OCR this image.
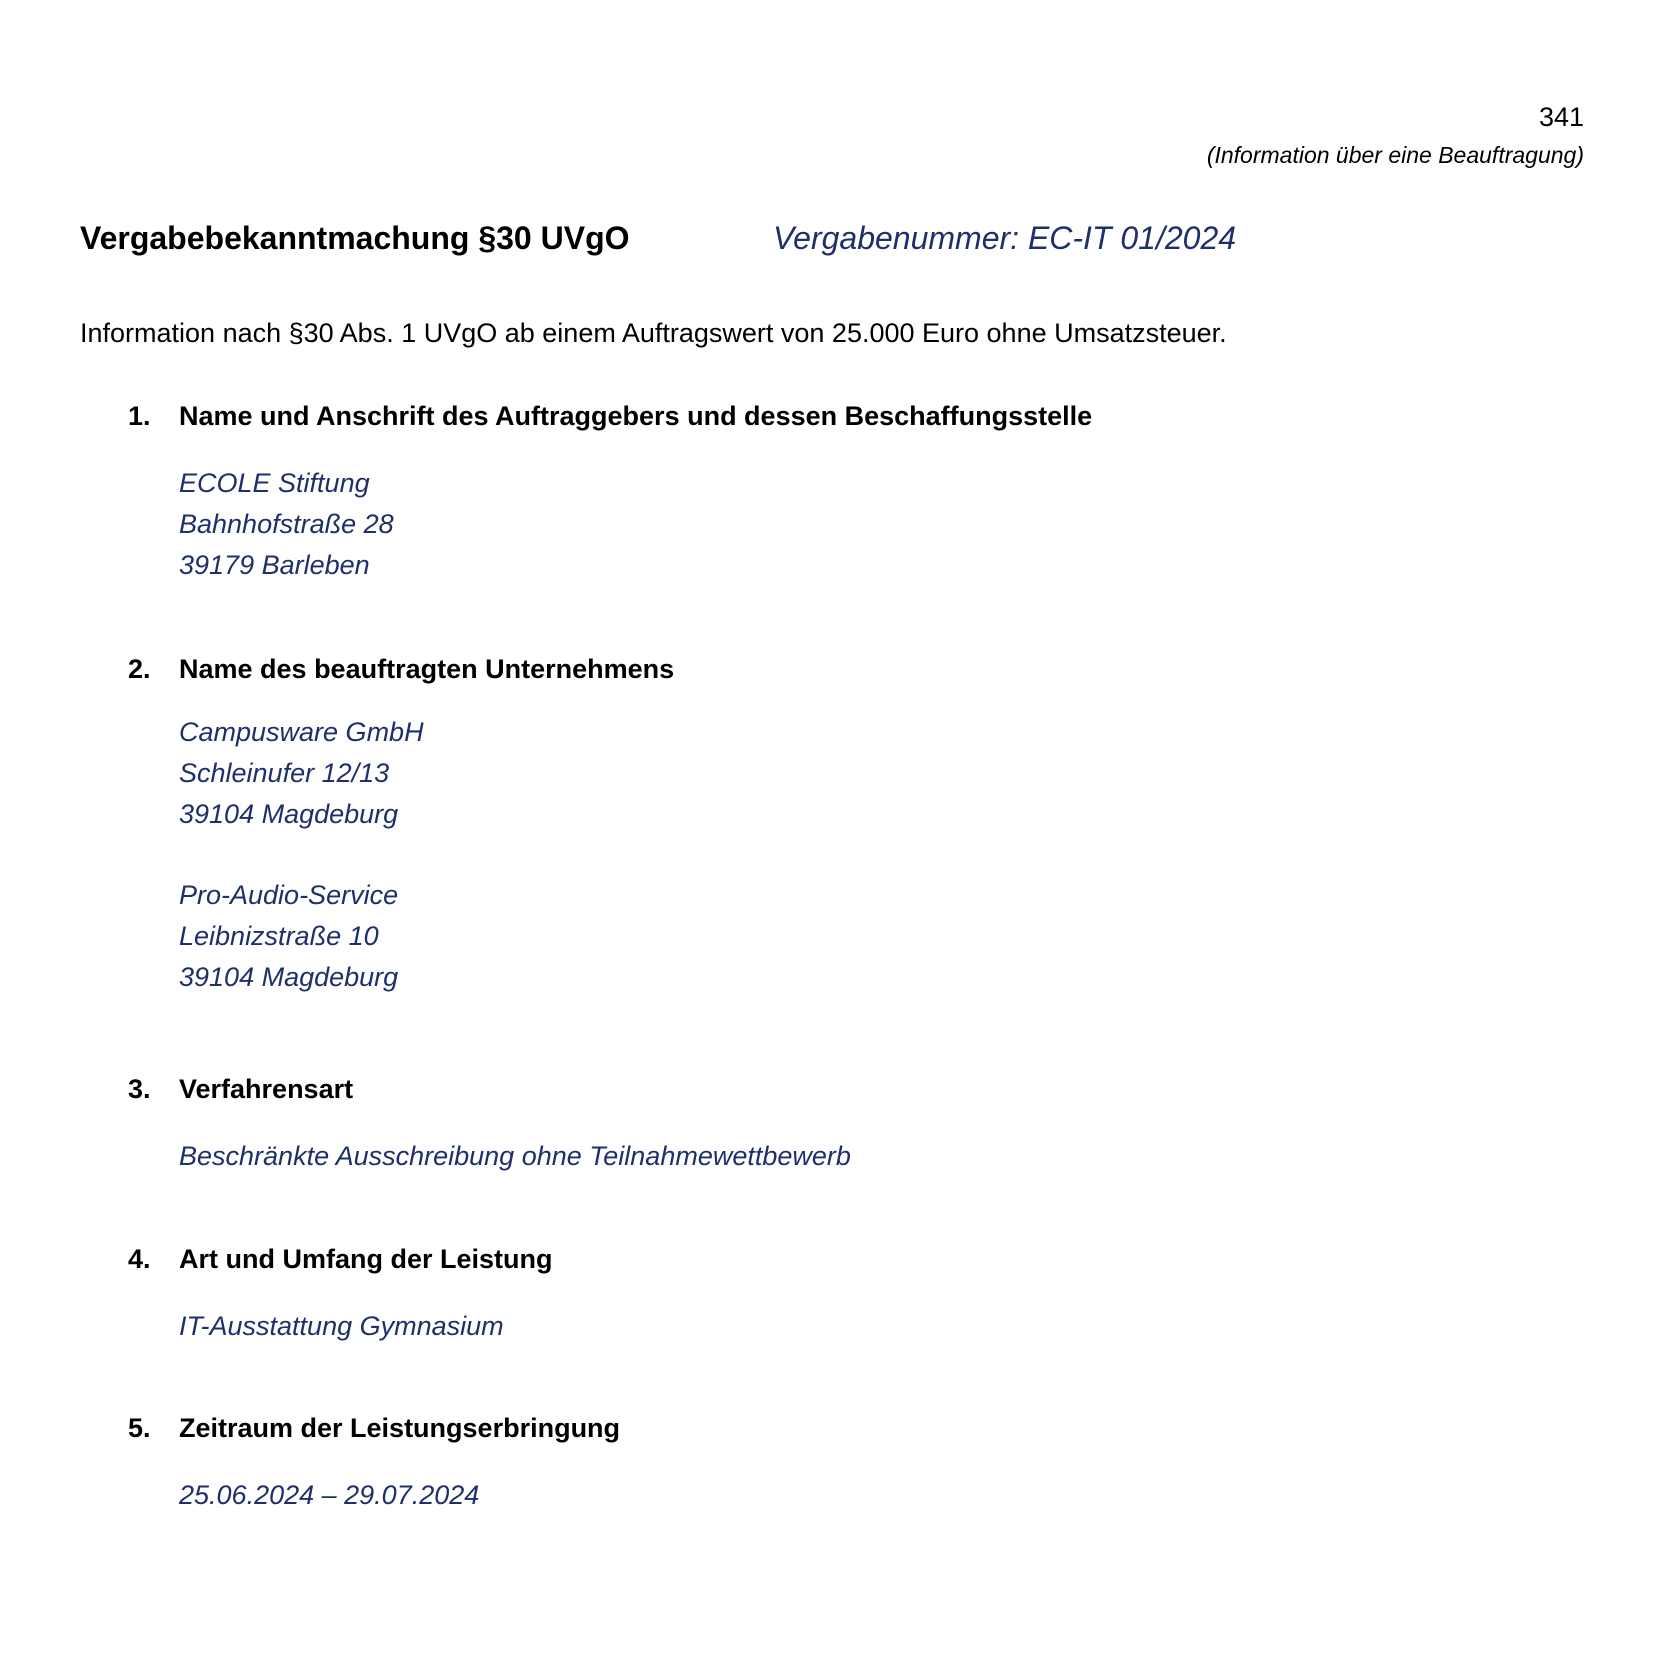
341
(Information über eine Beauftragung)
Vergabebekanntmachung §30 UVgO	Vergabenummer: EC-IT 01/2024
Information nach §30 Abs. 1 UVgO ab einem Auftragswert von 25.000 Euro ohne Umsatzsteuer.
1. Name und Anschrift des Auftraggebers und dessen Beschaffungsstelle
ECOLE Stiftung
Bahnhofstraße 28
39179 Barleben
2. Name des beauftragten Unternehmens
Campusware GmbH
Schleinufer 12/13
39104 Magdeburg
Pro-Audio-Service
Leibnizstraße 10
39104 Magdeburg
3. Verfahrensart
Beschränkte Ausschreibung ohne Teilnahmewettbewerb
4. Art und Umfang der Leistung
IT-Ausstattung Gymnasium
5. Zeitraum der Leistungserbringung
25.06.2024 – 29.07.2024
